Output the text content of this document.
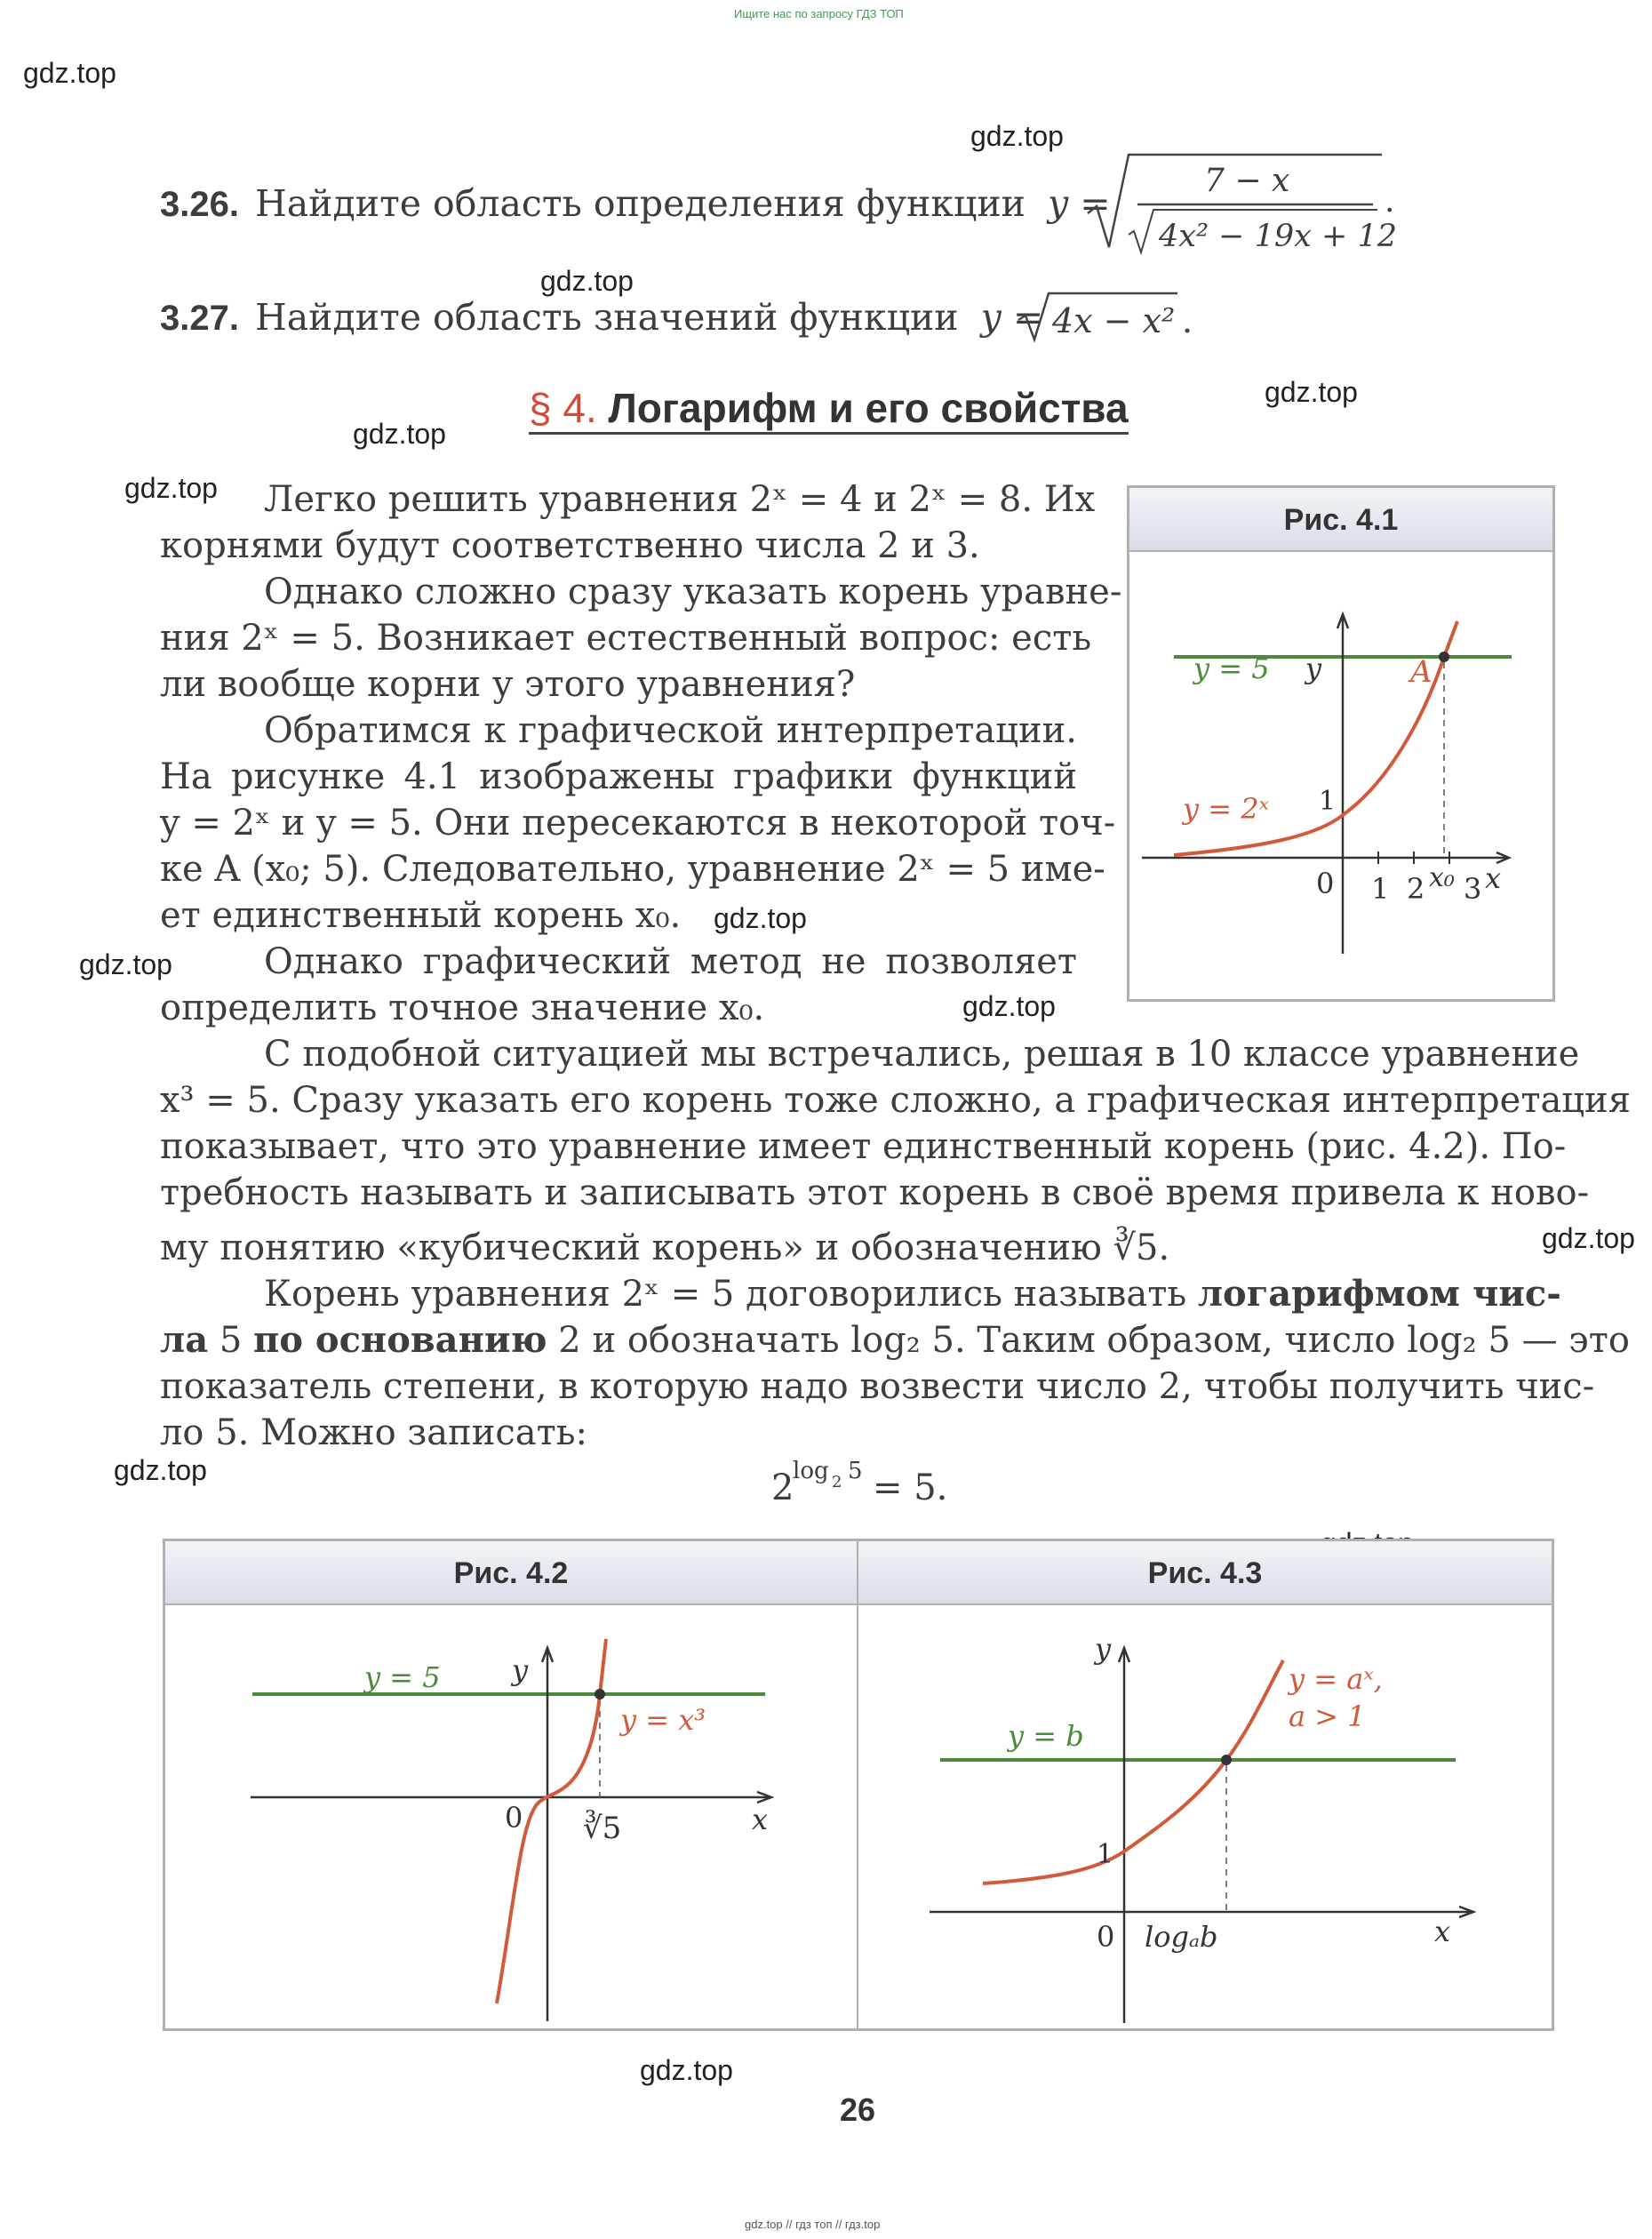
Ищите нас по запросу ГДЗ ТОП
gdz.top // гдз топ // гдз.top
gdz.top
gdz.top
gdz.top
gdz.top
gdz.top
gdz.top
gdz.top
gdz.top
gdz.top
gdz.top
gdz.top
gdz.top
3.26. Найдите область определения функции y =
7 − x
4x² − 19x + 12
.
3.27. Найдите область значений функции y = 4x − x² .
§ 4. Логарифм и его свойства
Легко решить уравнения 2ˣ = 4 и 2ˣ = 8. Их
корнями будут соответственно числа 2 и 3.
Однако сложно сразу указать корень уравне-
ния 2ˣ = 5. Возникает естественный вопрос: есть
ли вообще корни у этого уравнения?
Обратимся к графической интерпретации.
На рисунке 4.1 изображены графики функций
y = 2ˣ и y = 5. Они пересекаются в некоторой точ-
ке A (x₀; 5). Следовательно, уравнение 2ˣ = 5 име-
ет единственный корень x₀.
Однако графический метод не позволяет
определить точное значение x₀.
С подобной ситуацией мы встречались, решая в 10 классе уравнение
x³ = 5. Сразу указать его корень тоже сложно, а графическая интерпретация
показывает, что это уравнение имеет единственный корень (рис. 4.2). По-
требность называть и записывать этот корень в своё время привела к ново-
му понятию «кубический корень» и обозначению ∛5.
Корень уравнения 2ˣ = 5 договорились называть логарифмом чис-
ла 5 по основанию 2 и обозначать log₂ 5. Таким образом, число log₂ 5 — это
показатель степени, в которую надо возвести число 2, чтобы получить чис-
ло 5. Можно записать:
2
log 2 5 = 5.
2^(log₂ 5) = 5.
Рис. 4.1
y = 5 y	A
y = 2ˣ 1
0 1 2 x₀ 3 x
Рис. 4.2	Рис. 4.3
y = 5	y
y = x³
0 ∛5	x
y
y = aˣ,
a > 1
y = b
1
0 logₐb	x
26
